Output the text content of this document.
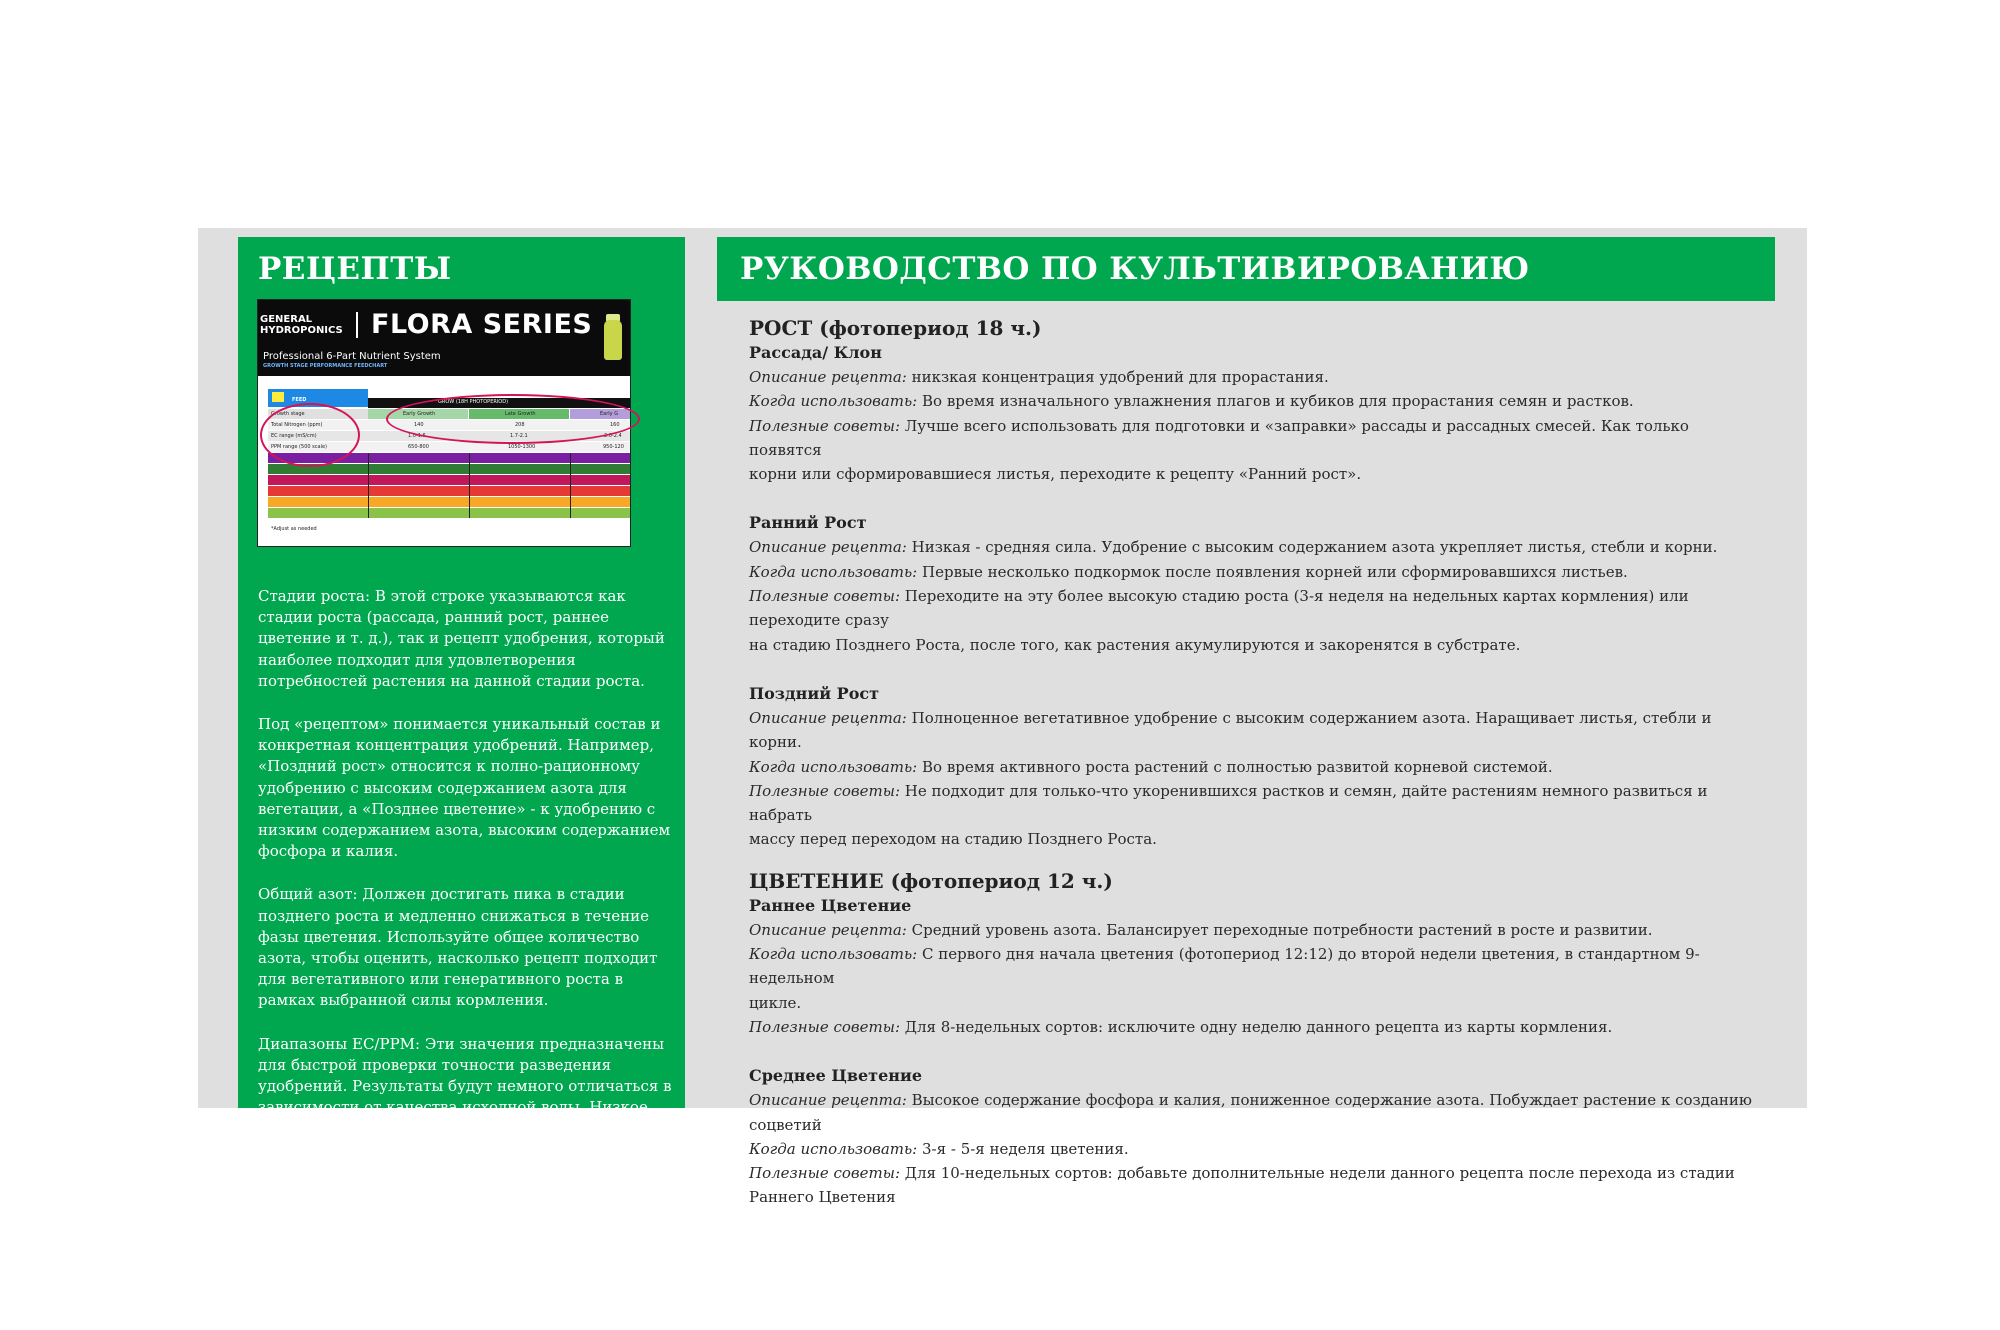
РЕЦЕПТЫ
GENERAL
HYDROPONICS FLORA SERIES
Professional 6-Part Nutrient System
GROWTH STAGE PERFORMANCE FEEDCHART
FEED	GROW (18H PHOTOPERIOD)
Early Growth	Late Growth	Early G
Growth stage
Total Nitrogen (ppm)	140	208	160
EC range (mS/cm)	1.0-1.6	1.7-2.1	2.0-2.4
PPM range (500 scale)	650-800	1050-1300	950-120
*Adjust as needed

Стадии роста: В этой строке указываются как стадии роста (рассада, ранний рост, раннее цветение и т. д.), так и рецепт удобрения, который наиболее подходит для удовлетворения потребностей растения на данной стадии роста.

Под «рецептом» понимается уникальный состав и конкретная концентрация удобрений. Например, «Поздний рост» относится к полно-рационному удобрению с высоким содержанием азота для вегетации, а «Позднее цветение» - к удобрению с низким содержанием азота, высоким содержанием фосфора и калия.

Общий азот: Должен достигать пика в стадии позднего роста и медленно снижаться в течение фазы цветения. Используйте общее количество азота, чтобы оценить, насколько рецепт подходит для вегетативного или генеративного роста в рамках выбранной силы кормления.

Диапазоны EC/PPM: Эти значения предназначены для быстрой проверки точности разведения удобрений. Результаты будут немного отличаться в зависимости от качества исходной воды. Низкое

РУКОВОДСТВО ПО КУЛЬТИВИРОВАНИЮ

РОСТ (фотопериод 18 ч.)

Рассада/ Клон

Описание рецепта: никзкая концентрация удобрений для прорастания.

Когда использовать: Во время изначального увлажнения плагов и кубиков для прорастания семян и растков.

Полезные советы: Лучше всего использовать для подготовки и «заправки» рассады и рассадных смесей. Как только появятся

корни или сформировавшиеся листья, переходите к рецепту «Ранний рост».

Ранний Рост

Описание рецепта: Низкая - средняя сила. Удобрение с высоким содержанием азота укрепляет листья, стебли и корни.

Когда использовать: Первые несколько подкормок после появления корней или сформировавшихся листьев.

Полезные советы: Переходите на эту более высокую стадию роста (3-я неделя на недельных картах кормления) или переходите сразу

на стадию Позднего Роста, после того, как растения акумулируются и закоренятся в субстрате.

Поздний Рост

Описание рецепта: Полноценное вегетативное удобрение с высоким содержанием азота. Наращивает листья, стебли и корни.

Когда использовать: Во время активного роста растений с полностью развитой корневой системой.

Полезные советы: Не подходит для только-что укоренившихся растков и семян, дайте растениям немного развиться и набрать

массу перед переходом на стадию Позднего Роста.

ЦВЕТЕНИЕ (фотопериод 12 ч.)

Раннее Цветение

Описание рецепта: Средний уровень азота. Балансирует переходные потребности растений в росте и развитии.

Когда использовать: С первого дня начала цветения (фотопериод 12:12) до второй недели цветения, в стандартном 9-недельном

цикле.

Полезные советы: Для 8-недельных сортов: исключите одну неделю данного рецепта из карты кормления.

Среднее Цветение

Описание рецепта: Высокое содержание фосфора и калия, пониженное содержание азота. Побуждает растение к созданию соцветий

Когда использовать: 3-я - 5-я неделя цветения.

Полезные советы: Для 10-недельных сортов: добавьте дополнительные недели данного рецепта после перехода из стадии

Раннего Цветения
